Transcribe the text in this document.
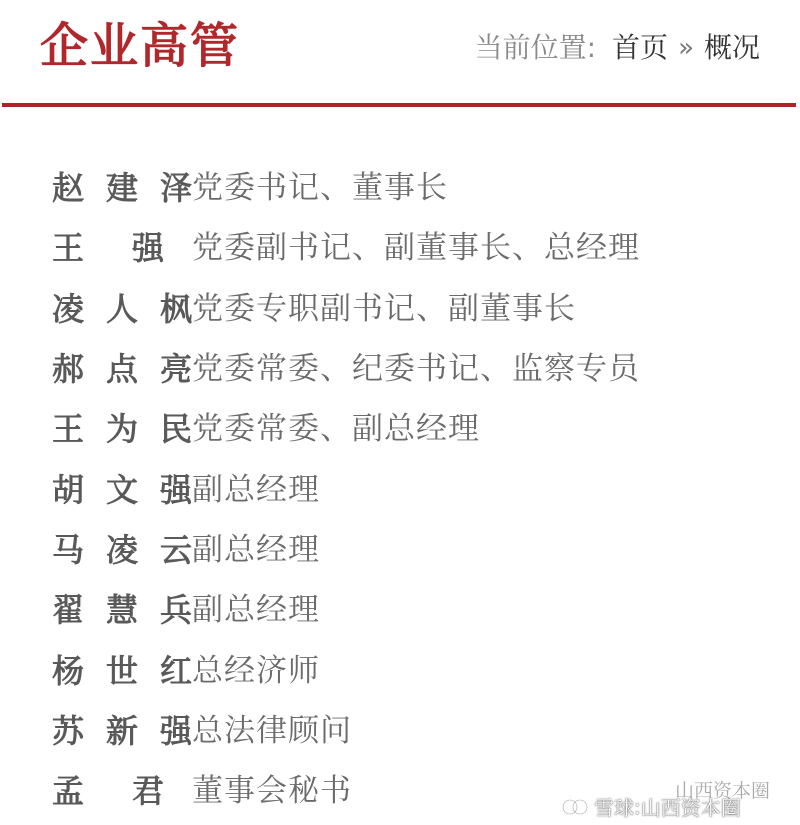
企业高管	当前位置: 首页 » 概况
赵 建 泽 党委书记、董事长
王 强 党委副书记、副董事长、总经理
凌 人 枫 党委专职副书记、副董事长
郝 点 亮 党委常委、纪委书记、监察专员
王 为 民 党委常委、副总经理
胡 文 强 副总经理
马 凌 云 副总经理
翟 慧 兵 副总经理
杨 世 红 总经济师
苏 新 强 总法律顾问
孟 君 董事会秘书	山西资本圈
雪球 : 山西资本圈
